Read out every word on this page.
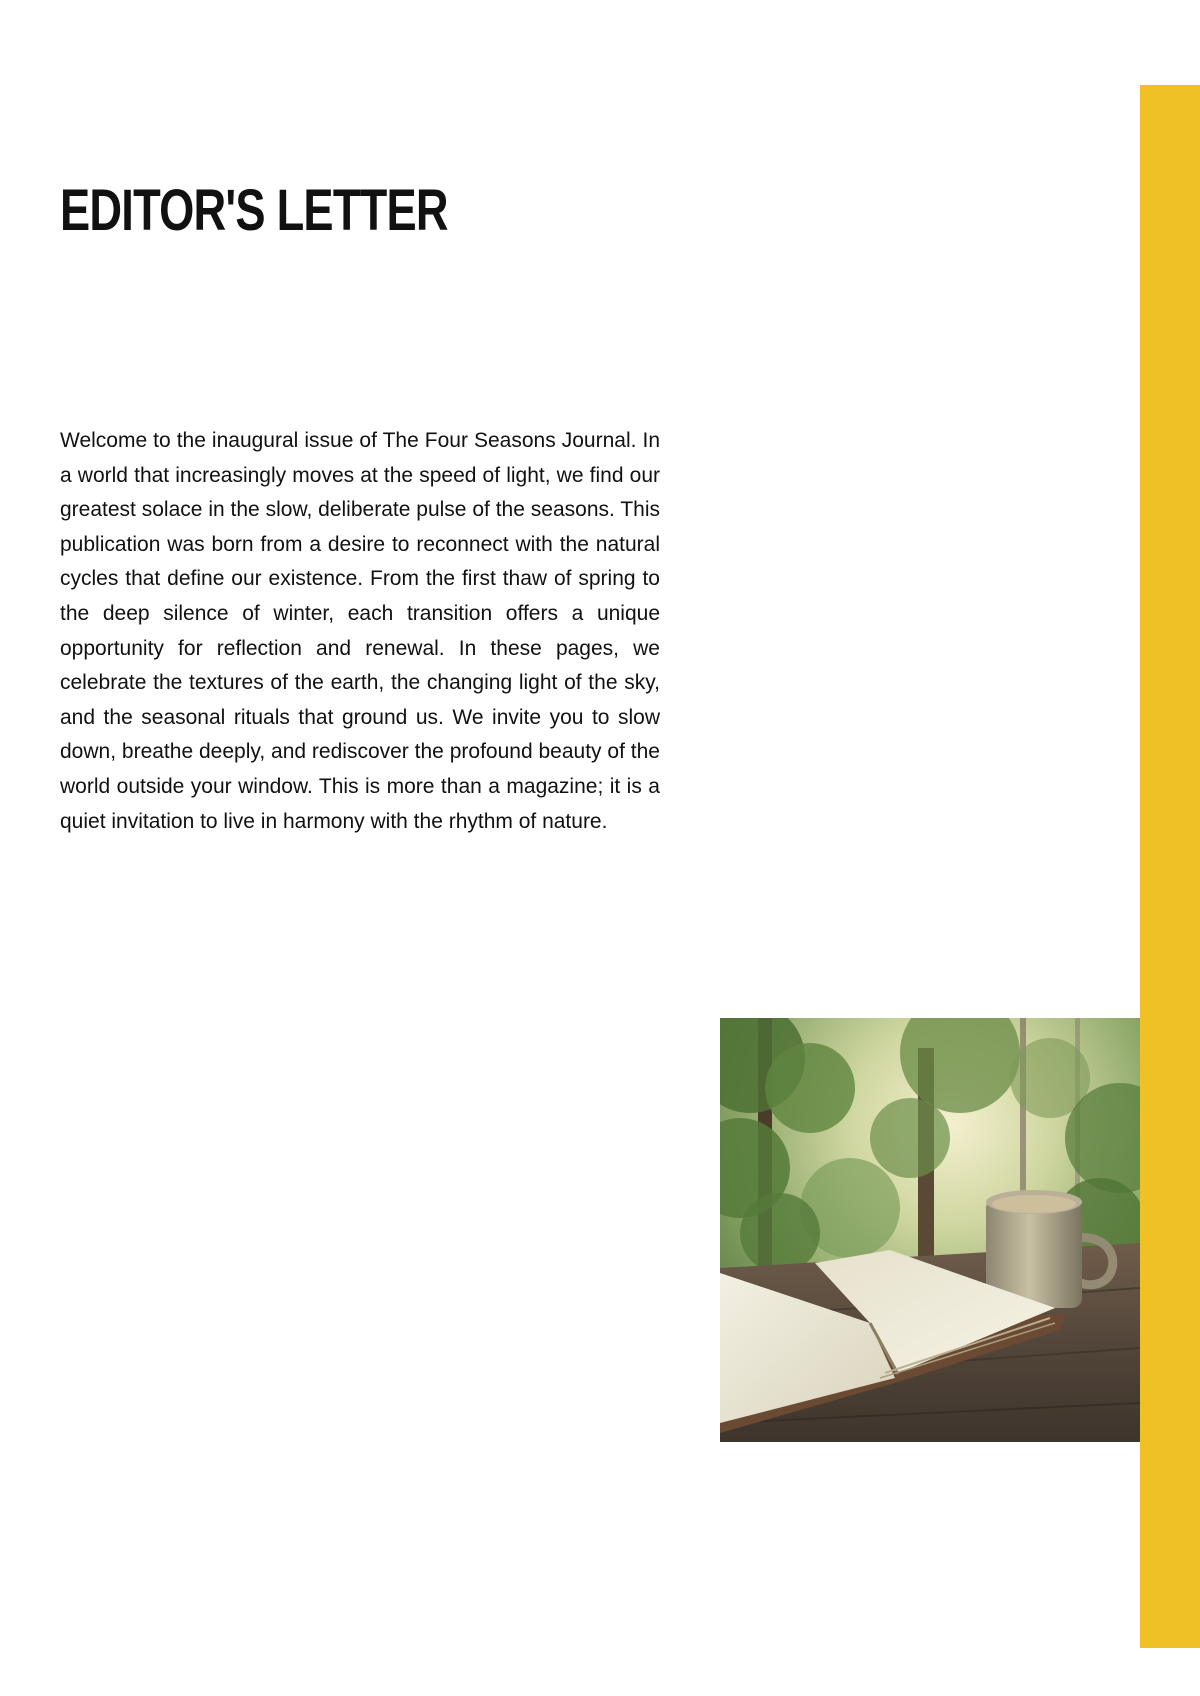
EDITOR'S LETTER

Welcome to the inaugural issue of The Four Seasons Journal. In a world that increasingly moves at the speed of light, we find our greatest solace in the slow, deliberate pulse of the seasons. This publication was born from a desire to reconnect with the natural cycles that define our existence. From the first thaw of spring to the deep silence of winter, each transition offers a unique opportunity for reflection and renewal. In these pages, we celebrate the textures of the earth, the changing light of the sky, and the seasonal rituals that ground us. We invite you to slow down, breathe deeply, and rediscover the profound beauty of the world outside your window. This is more than a magazine; it is a quiet invitation to live in harmony with the rhythm of nature.
